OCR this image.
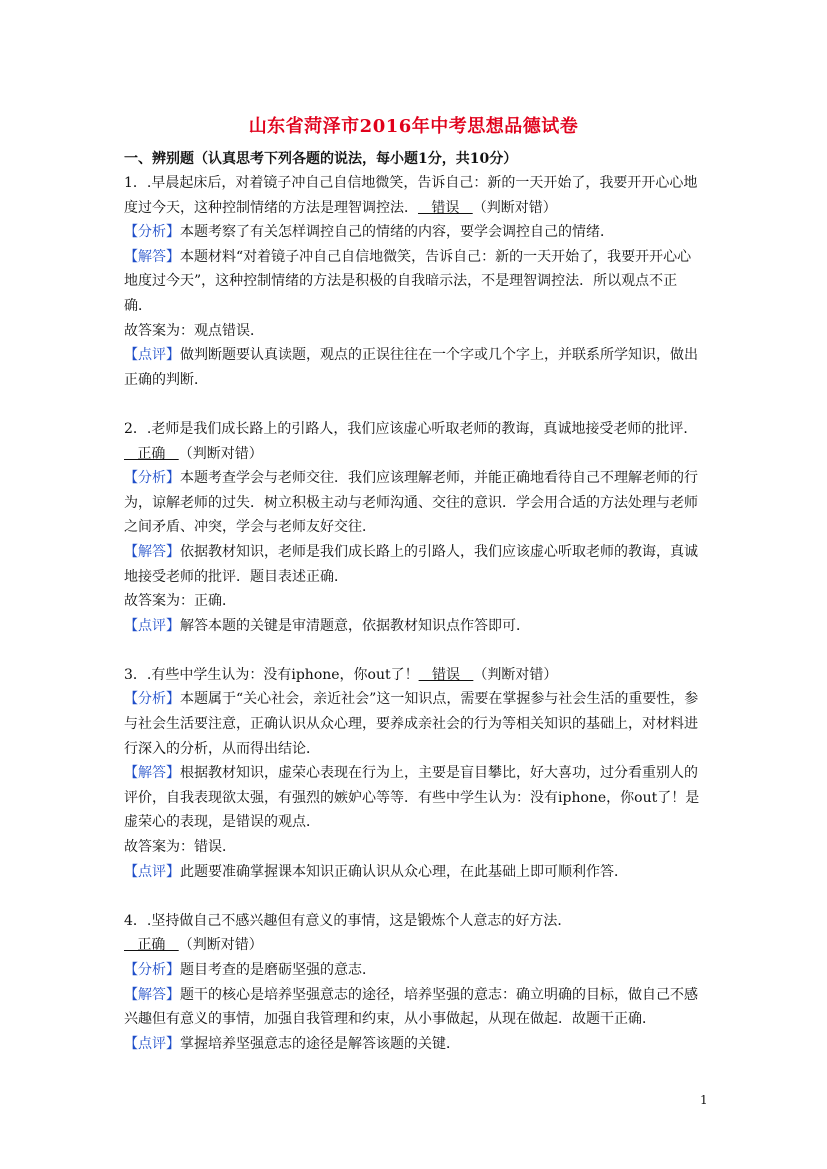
山东省菏泽市2016年中考思想品德试卷
一、辨别题（认真思考下列各题的说法，每小题1分，共10分）

1．.早晨起床后，对着镜子冲自己自信地微笑，告诉自己：新的一天开始了，我要开开心心地度过今天，这种控制情绪的方法是理智调控法．   错误   （判断对错）

【分析】本题考察了有关怎样调控自己的情绪的内容，要学会调控自己的情绪．

【解答】本题材料“对着镜子冲自己自信地微笑，告诉自己：新的一天开始了，我要开开心心地度过今天”，这种控制情绪的方法是积极的自我暗示法，不是理智调控法．所以观点不正确．

故答案为：观点错误．

【点评】做判断题要认真读题，观点的正误往往在一个字或几个字上，并联系所学知识，做出正确的判断．

2．.老师是我们成长路上的引路人，我们应该虚心听取老师的教诲，真诚地接受老师的批评．   正确   （判断对错）

【分析】本题考查学会与老师交往．我们应该理解老师，并能正确地看待自己不理解老师的行为，谅解老师的过失．树立积极主动与老师沟通、交往的意识．学会用合适的方法处理与老师之间矛盾、冲突，学会与老师友好交往．

【解答】依据教材知识，老师是我们成长路上的引路人，我们应该虚心听取老师的教诲，真诚地接受老师的批评．题目表述正确．

故答案为：正确．

【点评】解答本题的关键是审清题意，依据教材知识点作答即可．

3．.有些中学生认为：没有iphone，你out了！   错误   （判断对错）

【分析】本题属于“关心社会，亲近社会”这一知识点，需要在掌握参与社会生活的重要性，参与社会生活要注意，正确认识从众心理，要养成亲社会的行为等相关知识的基础上，对材料进行深入的分析，从而得出结论．

【解答】根据教材知识，虚荣心表现在行为上，主要是盲目攀比，好大喜功，过分看重别人的评价，自我表现欲太强，有强烈的嫉妒心等等．有些中学生认为：没有iphone，你out了！是虚荣心的表现，是错误的观点．

故答案为：错误．

【点评】此题要准确掌握课本知识正确认识从众心理，在此基础上即可顺利作答．

4．.坚持做自己不感兴趣但有意义的事情，这是锻炼个人意志的好方法．   正确   （判断对错）

【分析】题目考查的是磨砺坚强的意志．

【解答】题干的核心是培养坚强意志的途径，培养坚强的意志：确立明确的目标，做自己不感兴趣但有意义的事情，加强自我管理和约束，从小事做起，从现在做起．故题干正确．

【点评】掌握培养坚强意志的途径是解答该题的关键．

1
